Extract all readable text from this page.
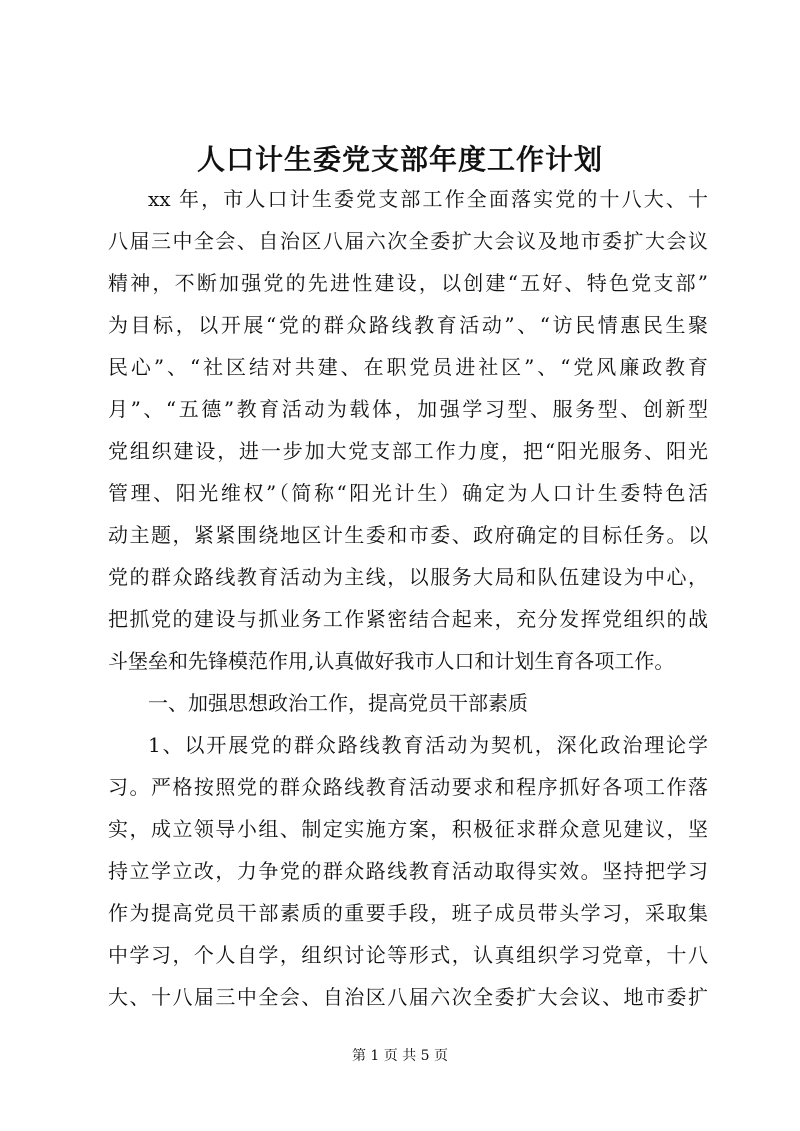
人口计生委党支部年度工作计划
xx 年，市人口计生委党支部工作全面落实党的十八大、十
八届三中全会、自治区八届六次全委扩大会议及地市委扩大会议
精神，不断加强党的先进性建设，以创建“五好、特色党支部”
为目标，以开展“党的群众路线教育活动”、“访民情惠民生聚
民心”、“社区结对共建、在职党员进社区”、“党风廉政教育
月”、“五德”教育活动为载体，加强学习型、服务型、创新型
党组织建设，进一步加大党支部工作力度，把“阳光服务、阳光
管理、阳光维权”（简称“阳光计生）确定为人口计生委特色活
动主题，紧紧围绕地区计生委和市委、政府确定的目标任务。以
党的群众路线教育活动为主线，以服务大局和队伍建设为中心，
把抓党的建设与抓业务工作紧密结合起来，充分发挥党组织的战
斗堡垒和先锋模范作用,认真做好我市人口和计划生育各项工作。
一、加强思想政治工作，提高党员干部素质
1、以开展党的群众路线教育活动为契机，深化政治理论学
习。严格按照党的群众路线教育活动要求和程序抓好各项工作落
实，成立领导小组、制定实施方案，积极征求群众意见建议，坚
持立学立改，力争党的群众路线教育活动取得实效。坚持把学习
作为提高党员干部素质的重要手段，班子成员带头学习，采取集
中学习，个人自学，组织讨论等形式，认真组织学习党章，十八
大、十八届三中全会、自治区八届六次全委扩大会议、地市委扩
第 1 页 共 5 页
